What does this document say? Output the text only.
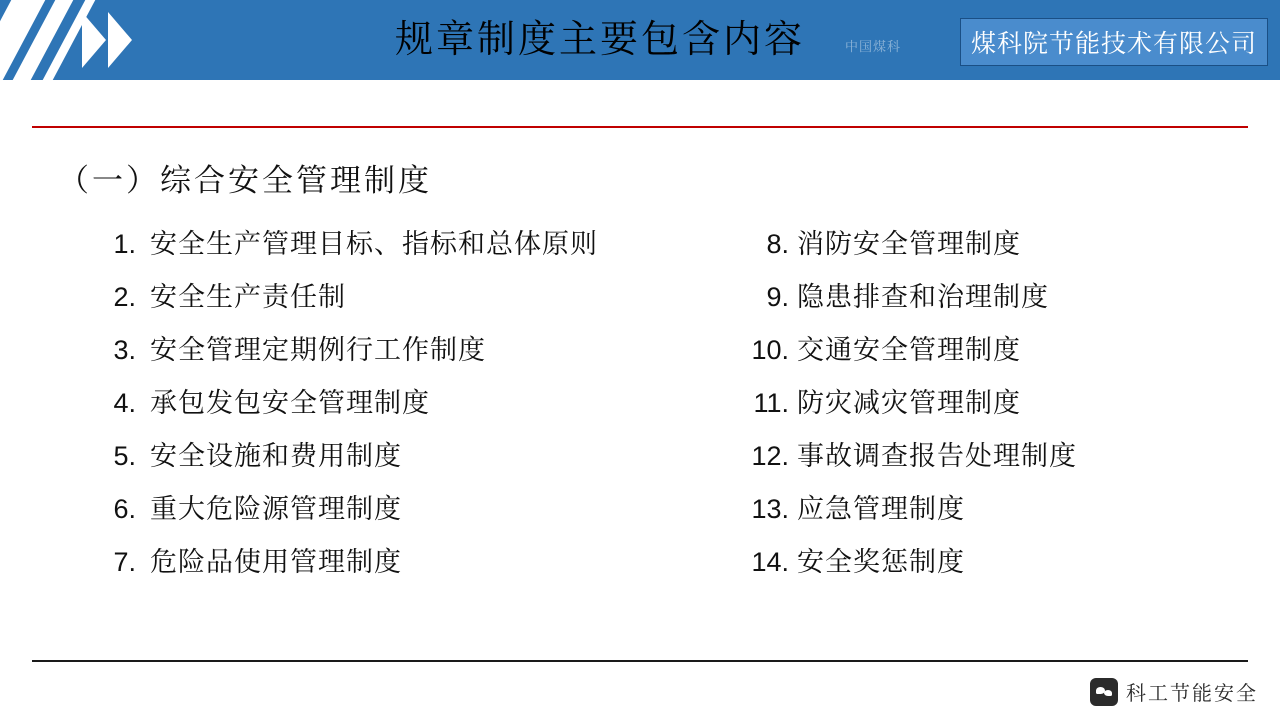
中国煤科
规章制度主要包含内容	煤科院节能技术有限公司
（一）综合安全管理制度
1. 安全生产管理目标、指标和总体原则
2. 安全生产责任制
3. 安全管理定期例行工作制度
4. 承包发包安全管理制度
5. 安全设施和费用制度
6. 重大危险源管理制度
7. 危险品使用管理制度
8. 消防安全管理制度
9. 隐患排查和治理制度
10. 交通安全管理制度
11. 防灾减灾管理制度
12. 事故调查报告处理制度
13. 应急管理制度
14. 安全奖惩制度
科工节能安全
